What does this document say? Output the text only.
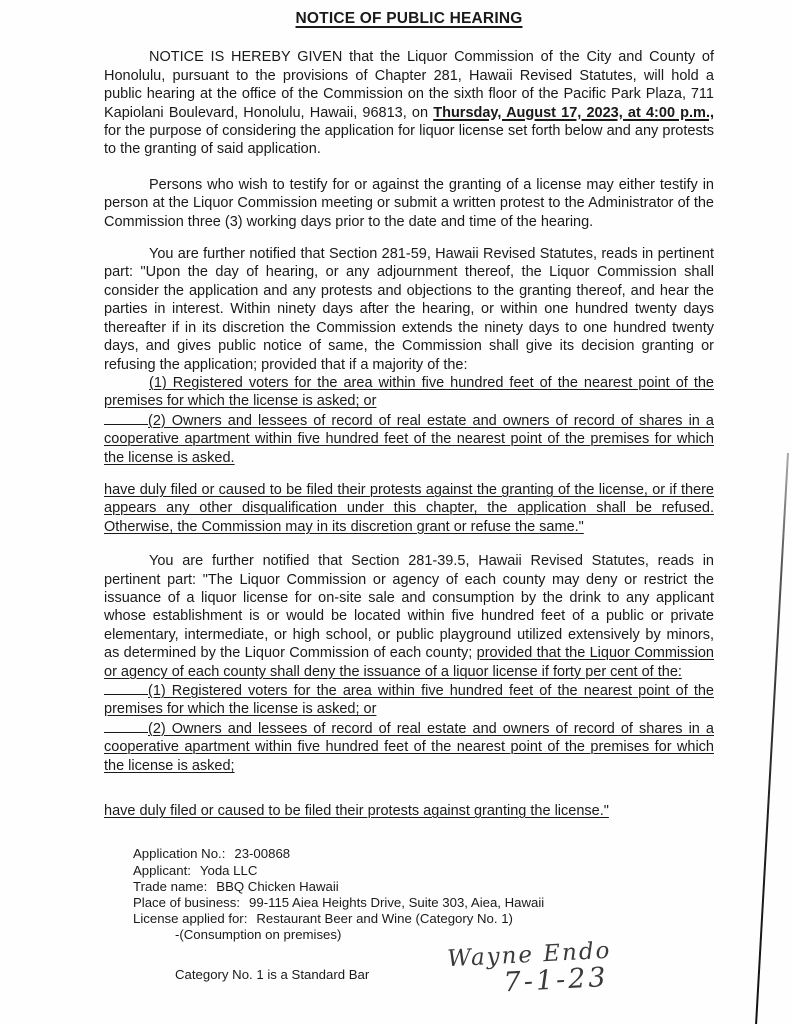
NOTICE OF PUBLIC HEARING

NOTICE IS HEREBY GIVEN that the Liquor Commission of the City and County of Honolulu, pursuant to the provisions of Chapter 281, Hawaii Revised Statutes, will hold a public hearing at the office of the Commission on the sixth floor of the Pacific Park Plaza, 711 Kapiolani Boulevard, Honolulu, Hawaii, 96813, on Thursday, August 17, 2023, at 4:00 p.m., for the purpose of considering the application for liquor license set forth below and any protests to the granting of said application.

Persons who wish to testify for or against the granting of a license may either testify in person at the Liquor Commission meeting or submit a written protest to the Administrator of the Commission three (3) working days prior to the date and time of the hearing.

You are further notified that Section 281-59, Hawaii Revised Statutes, reads in pertinent part: "Upon the day of hearing, or any adjournment thereof, the Liquor Commission shall consider the application and any protests and objections to the granting thereof, and hear the parties in interest. Within ninety days after the hearing, or within one hundred twenty days thereafter if in its discretion the Commission extends the ninety days to one hundred twenty days, and gives public notice of same, the Commission shall give its decision granting or refusing the application; provided that if a majority of the:

(1) Registered voters for the area within five hundred feet of the nearest point of the premises for which the license is asked; or

(2) Owners and lessees of record of real estate and owners of record of shares in a cooperative apartment within five hundred feet of the nearest point of the premises for which the license is asked.

have duly filed or caused to be filed their protests against the granting of the license, or if there appears any other disqualification under this chapter, the application shall be refused. Otherwise, the Commission may in its discretion grant or refuse the same."

You are further notified that Section 281-39.5, Hawaii Revised Statutes, reads in pertinent part: "The Liquor Commission or agency of each county may deny or restrict the issuance of a liquor license for on-site sale and consumption by the drink to any applicant whose establishment is or would be located within five hundred feet of a public or private elementary, intermediate, or high school, or public playground utilized extensively by minors, as determined by the Liquor Commission of each county; provided that the Liquor Commission or agency of each county shall deny the issuance of a liquor license if forty per cent of the:

(1) Registered voters for the area within five hundred feet of the nearest point of the premises for which the license is asked; or

(2) Owners and lessees of record of real estate and owners of record of shares in a cooperative apartment within five hundred feet of the nearest point of the premises for which the license is asked;

have duly filed or caused to be filed their protests against granting the license."

Application No.: 23-00868
Applicant: Yoda LLC
Trade name: BBQ Chicken Hawaii
Place of business: 99-115 Aiea Heights Drive, Suite 303, Aiea, Hawaii
License applied for: Restaurant Beer and Wine (Category No. 1)
-(Consumption on premises)
Category No. 1 is a Standard Bar
Wayne Endo
7-1-23
